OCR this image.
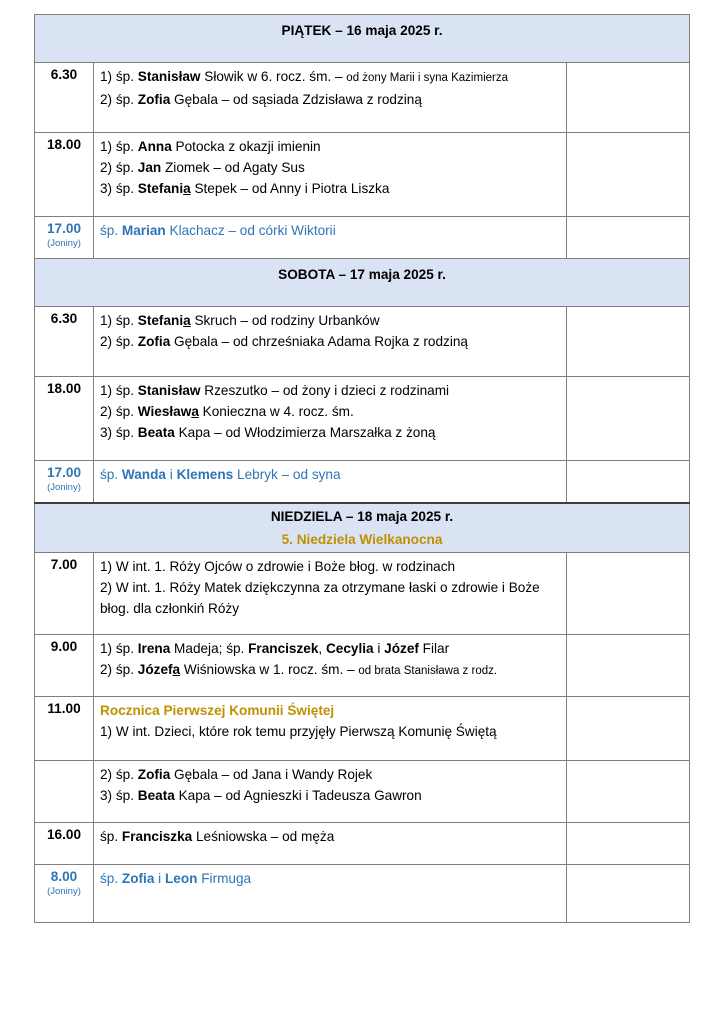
PIĄTEK – 16 maja 2025 r.		

6.30	1) śp. Stanisław Słowik w 6. rocz. śm. – od żony Marii i syna Kazimierza
2) śp. Zofia Gębala – od sąsiada Zdzisława z rodziną	

18.00	1) śp. Anna Potocka z okazji imienin
2) śp. Jan Ziomek – od Agaty Sus
3) śp. Stefania Stepek – od Anny i Piotra Liszka	

17.00
(Joniny)	śp. Marian Klachacz – od córki Wiktorii	

SOBOTA – 17 maja 2025 r.		

6.30	1) śp. Stefania Skruch – od rodziny Urbanków
2) śp. Zofia Gębala – od chrześniaka Adama Rojka z rodziną	

18.00	1) śp. Stanisław Rzeszutko – od żony i dzieci z rodzinami
2) śp. Wiesława Konieczna w 4. rocz. śm.
3) śp. Beata Kapa – od Włodzimierza Marszałka z żoną	

17.00
(Joniny)	śp. Wanda i Klemens Lebryk – od syna	

NIEDZIELA – 18 maja 2025 r.
5. Niedziela Wielkanocna		

7.00	1) W int. 1. Róży Ojców o zdrowie i Boże błog. w rodzinach
2) W int. 1. Róży Matek dziękczynna za otrzymane łaski o zdrowie i Boże błog. dla członkiń Róży	

9.00	1) śp. Irena Madeja; śp. Franciszek, Cecylia i Józef Filar
2) śp. Józefa Wiśniowska w 1. rocz. śm. – od brata Stanisława z rodz.	

11.00	Rocznica Pierwszej Komunii Świętej
1) W int. Dzieci, które rok temu przyjęły Pierwszą Komunię Świętą	

	2) śp. Zofia Gębala – od Jana i Wandy Rojek
3) śp. Beata Kapa – od Agnieszki i Tadeusza Gawron	

16.00	śp. Franciszka Leśniowska – od męża	

8.00
(Joniny)	śp. Zofia i Leon Firmuga	
